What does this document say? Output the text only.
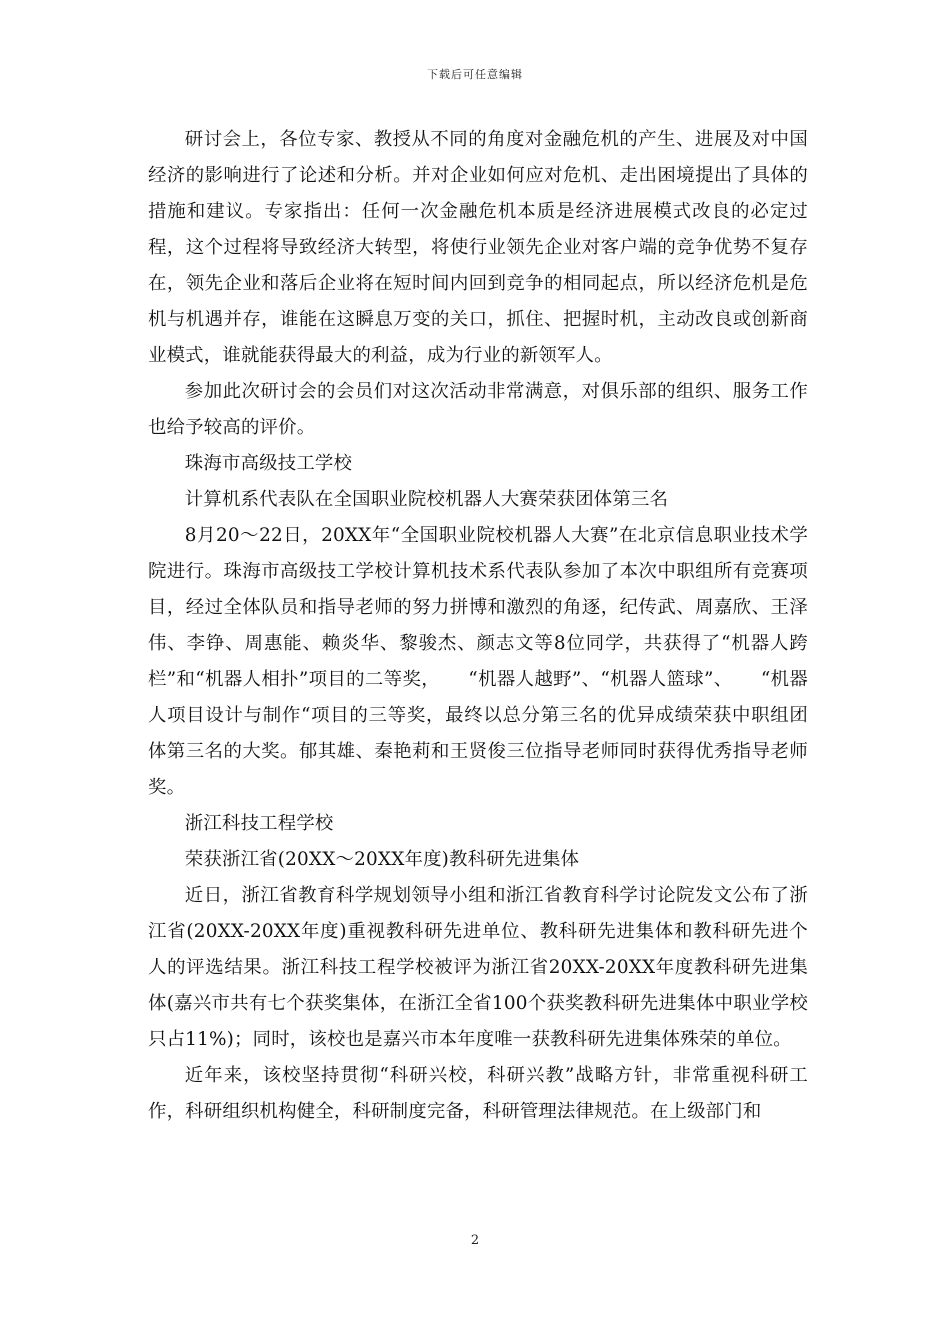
下载后可任意编辑

研讨会上，各位专家、教授从不同的角度对金融危机的产生、进展及对中国经济的影响进行了论述和分析。并对企业如何应对危机、走出困境提出了具体的措施和建议。专家指出：任何一次金融危机本质是经济进展模式改良的必定过程，这个过程将导致经济大转型，将使行业领先企业对客户端的竞争优势不复存在，领先企业和落后企业将在短时间内回到竞争的相同起点，所以经济危机是危机与机遇并存，谁能在这瞬息万变的关口，抓住、把握时机，主动改良或创新商业模式，谁就能获得最大的利益，成为行业的新领军人。

参加此次研讨会的会员们对这次活动非常满意，对俱乐部的组织、服务工作也给予较高的评价。

珠海市高级技工学校

计算机系代表队在全国职业院校机器人大赛荣获团体第三名

8月20～22日，20XX年“全国职业院校机器人大赛”在北京信息职业技术学院进行。珠海市高级技工学校计算机技术系代表队参加了本次中职组所有竞赛项目，经过全体队员和指导老师的努力拼博和激烈的角逐，纪传武、周嘉欣、王泽伟、李铮、周惠能、赖炎华、黎骏杰、颜志文等8位同学，共获得了“机器人跨栏”和“机器人相扑”项目的二等奖，　　“机器人越野”、“机器人篮球”、　　“机器人项目设计与制作“项目的三等奖，最终以总分第三名的优异成绩荣获中职组团体第三名的大奖。郁其雄、秦艳莉和王贤俊三位指导老师同时获得优秀指导老师奖。

浙江科技工程学校

荣获浙江省(20XX～20XX年度)教科研先进集体

近日，浙江省教育科学规划领导小组和浙江省教育科学讨论院发文公布了浙江省(20XX-20XX年度)重视教科研先进单位、教科研先进集体和教科研先进个人的评选结果。浙江科技工程学校被评为浙江省20XX-20XX年度教科研先进集体(嘉兴市共有七个获奖集体，在浙江全省100个获奖教科研先进集体中职业学校只占11%)；同时，该校也是嘉兴市本年度唯一获教科研先进集体殊荣的单位。

近年来，该校坚持贯彻“科研兴校，科研兴教”战略方针，非常重视科研工作，科研组织机构健全，科研制度完备，科研管理法律规范。在上级部门和

2
